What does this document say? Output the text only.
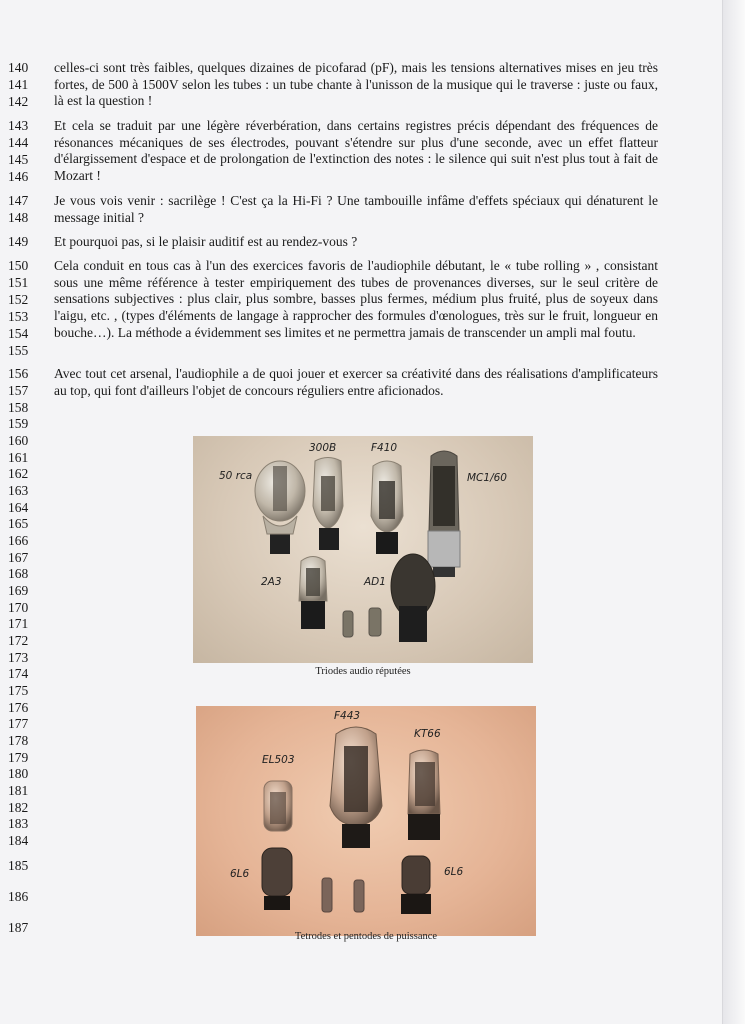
140
141
142
143
144
145
146
147
148
149
150
151
152
153
154
155
156
157
158
159
160
161
162
163
164
165
166
167
168
169
170
171
172
173
174
175
176
177
178
179
180
181
182
183
184
185
186
187

celles-ci sont très faibles, quelques dizaines de picofarad (pF), mais les tensions alternatives mises en jeu très fortes, de 500 à 1500V selon les tubes : un tube chante à l'unisson de la musique qui le traverse : juste ou faux, là est la question !

Et cela se traduit par une légère réverbération, dans certains registres précis dépendant des fréquences de résonances mécaniques de ses électrodes, pouvant s'étendre sur plus d'une seconde, avec un effet flatteur d'élargissement d'espace et de prolongation de l'extinction des notes : le silence qui suit n'est plus tout à fait de Mozart !

Je vous vois venir : sacrilège ! C'est ça la Hi-Fi ? Une tambouille infâme d'effets spéciaux qui dénaturent le message initial ?

Et pourquoi pas, si le plaisir auditif est au rendez-vous ?

Cela conduit en tous cas à l'un des exercices favoris de l'audiophile débutant, le « tube rolling » , consistant sous une même référence à tester empiriquement des tubes de provenances diverses, sur le seul critère de sensations subjectives : plus clair, plus sombre, basses plus fermes, médium plus fruité, plus de soyeux dans l'aigu, etc. , (types d'éléments de langage à rapprocher des formules d'œnologues, très sur le fruit, longueur en bouche…). La méthode a évidemment ses limites et ne permettra jamais de transcender un ampli mal foutu.

Avec tout cet arsenal, l'audiophile a de quoi jouer et exercer sa créativité dans des réalisations d'amplificateurs au top, qui font d'ailleurs l'objet de concours réguliers entre aficionados.

50 rca
300B	F410
MC1/60
2A3	AD1
Triodes audio réputées
F443
KT66
EL503
6L6	6L6
Tetrodes et pentodes de puissance
